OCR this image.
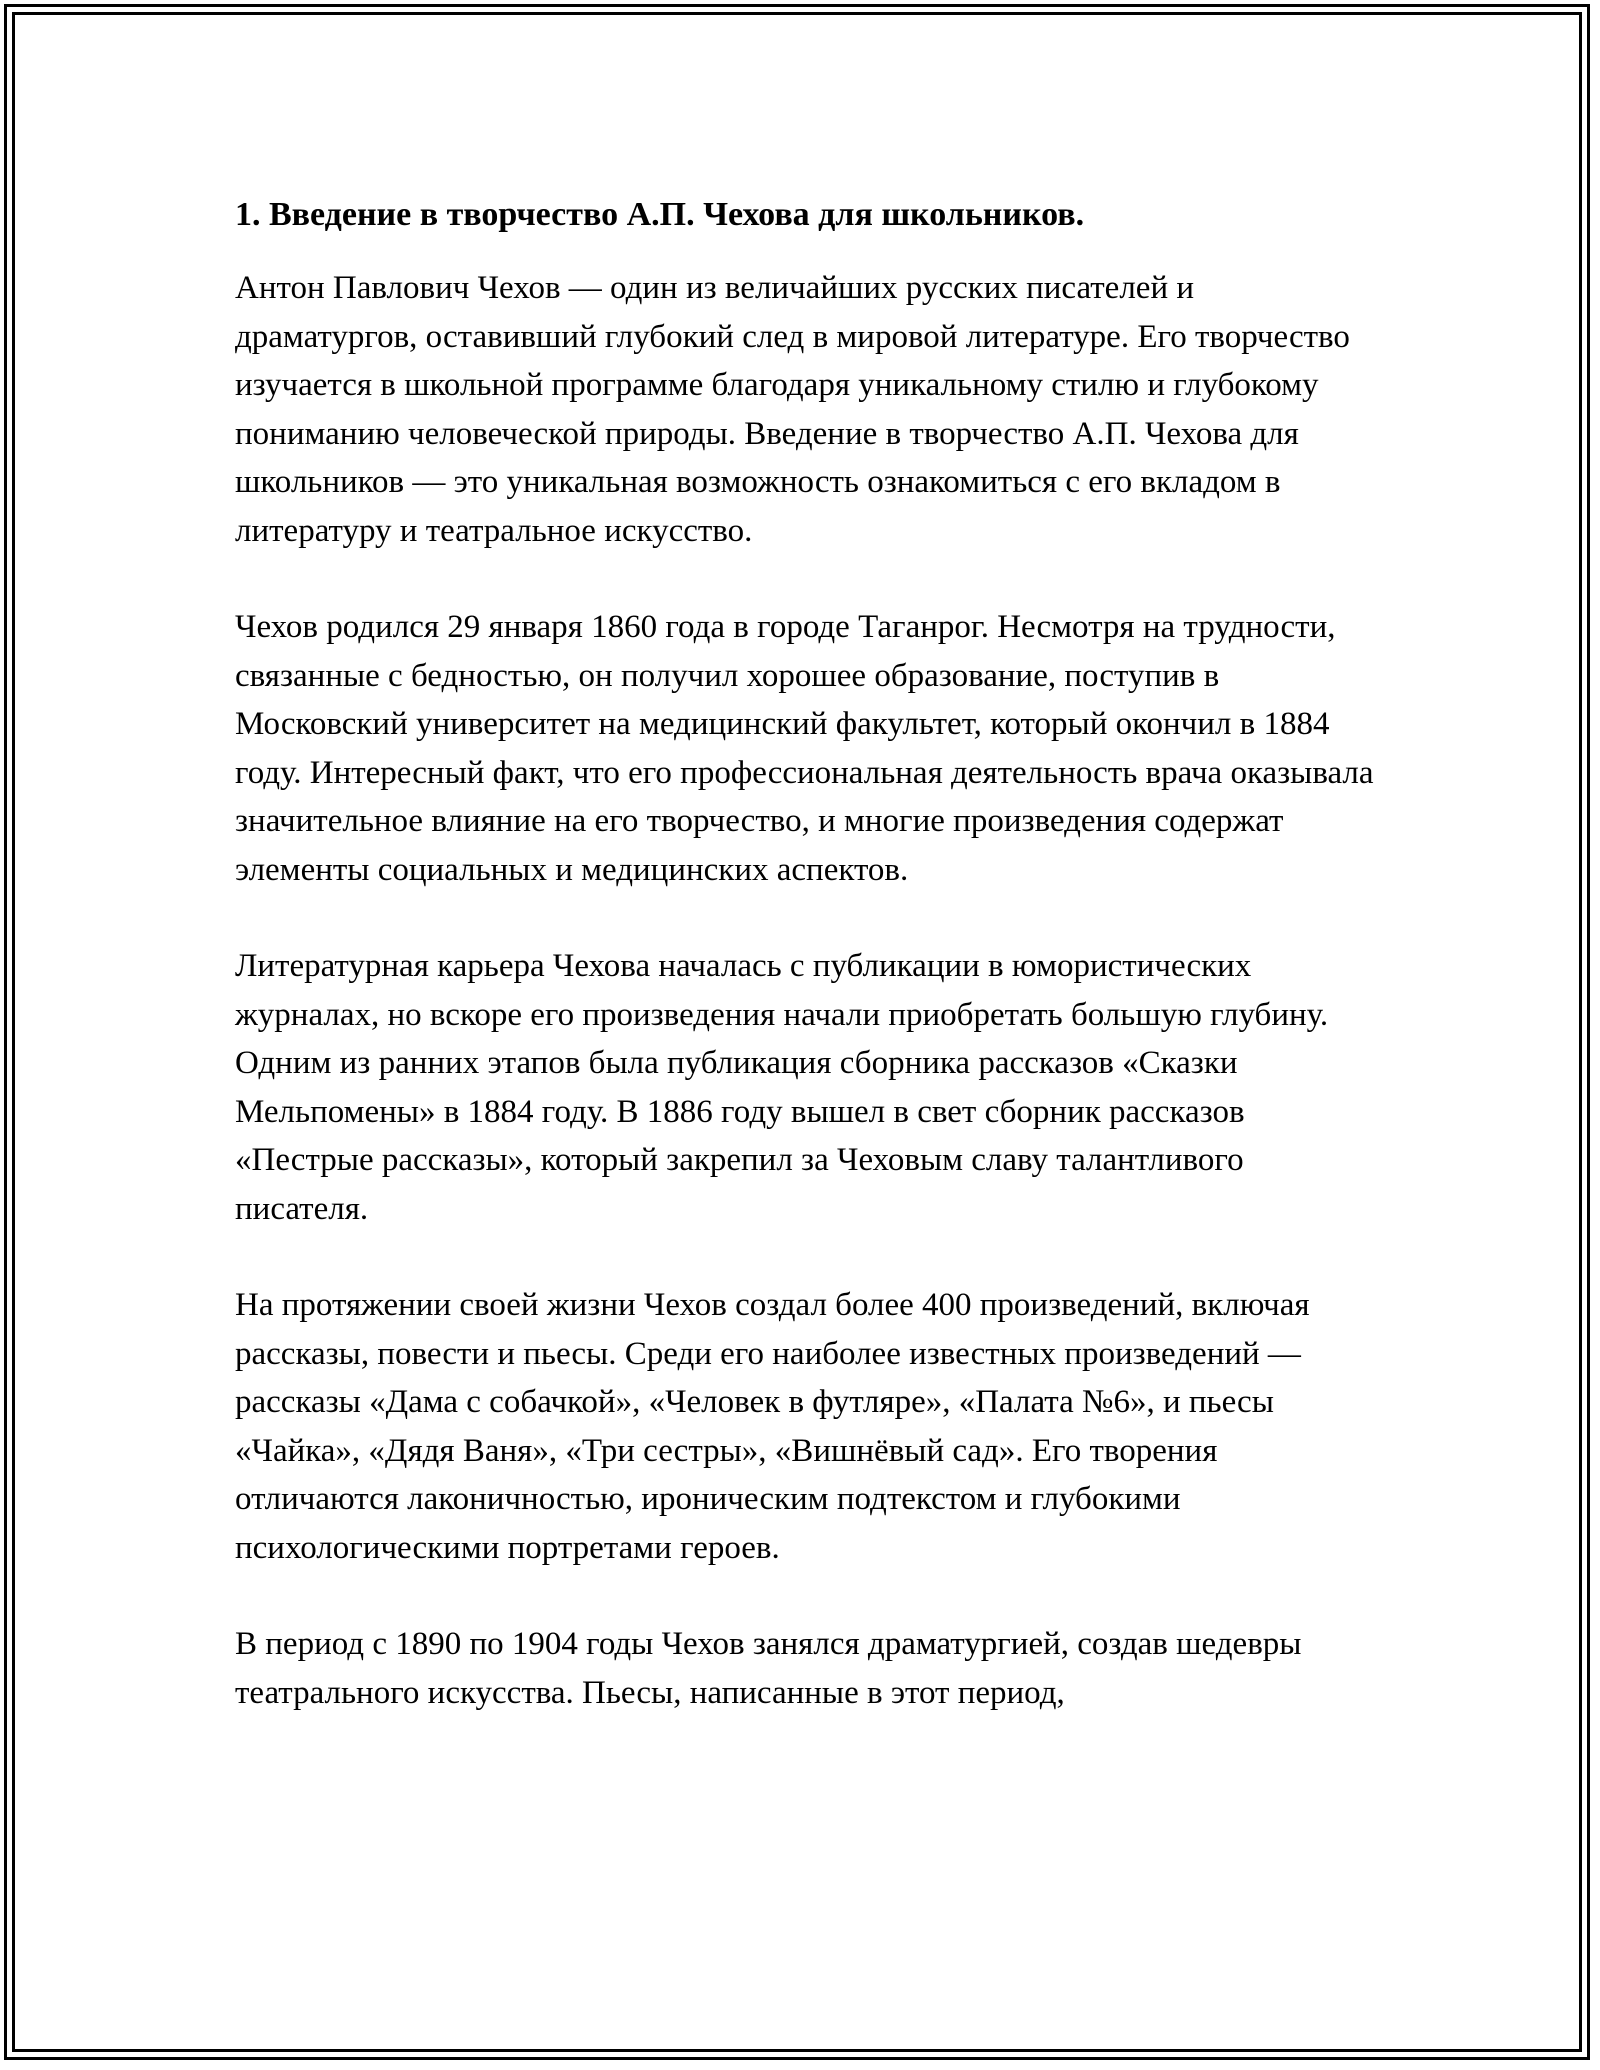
1. Введение в творчество А.П. Чехова для школьников.

Антон Павлович Чехов — один из величайших русских писателей и драматургов, оставивший глубокий след в мировой литературе. Его творчество изучается в школьной программе благодаря уникальному стилю и глубокому пониманию человеческой природы. Введение в творчество А.П. Чехова для школьников — это уникальная возможность ознакомиться с его вкладом в литературу и театральное искусство.

Чехов родился 29 января 1860 года в городе Таганрог. Несмотря на трудности, связанные с бедностью, он получил хорошее образование, поступив в Московский университет на медицинский факультет, который окончил в 1884 году. Интересный факт, что его профессиональная деятельность врача оказывала значительное влияние на его творчество, и многие произведения содержат элементы социальных и медицинских аспектов.

Литературная карьера Чехова началась с публикации в юмористических журналах, но вскоре его произведения начали приобретать большую глубину. Одним из ранних этапов была публикация сборника рассказов «Сказки Мельпомены» в 1884 году. В 1886 году вышел в свет сборник рассказов «Пестрые рассказы», который закрепил за Чеховым славу талантливого писателя.

На протяжении своей жизни Чехов создал более 400 произведений, включая рассказы, повести и пьесы. Среди его наиболее известных произведений — рассказы «Дама с собачкой», «Человек в футляре», «Палата №6», и пьесы «Чайка», «Дядя Ваня», «Три сестры», «Вишнёвый сад». Его творения отличаются лаконичностью, ироническим подтекстом и глубокими психологическими портретами героев.

В период с 1890 по 1904 годы Чехов занялся драматургией, создав шедевры театрального искусства. Пьесы, написанные в этот период,
